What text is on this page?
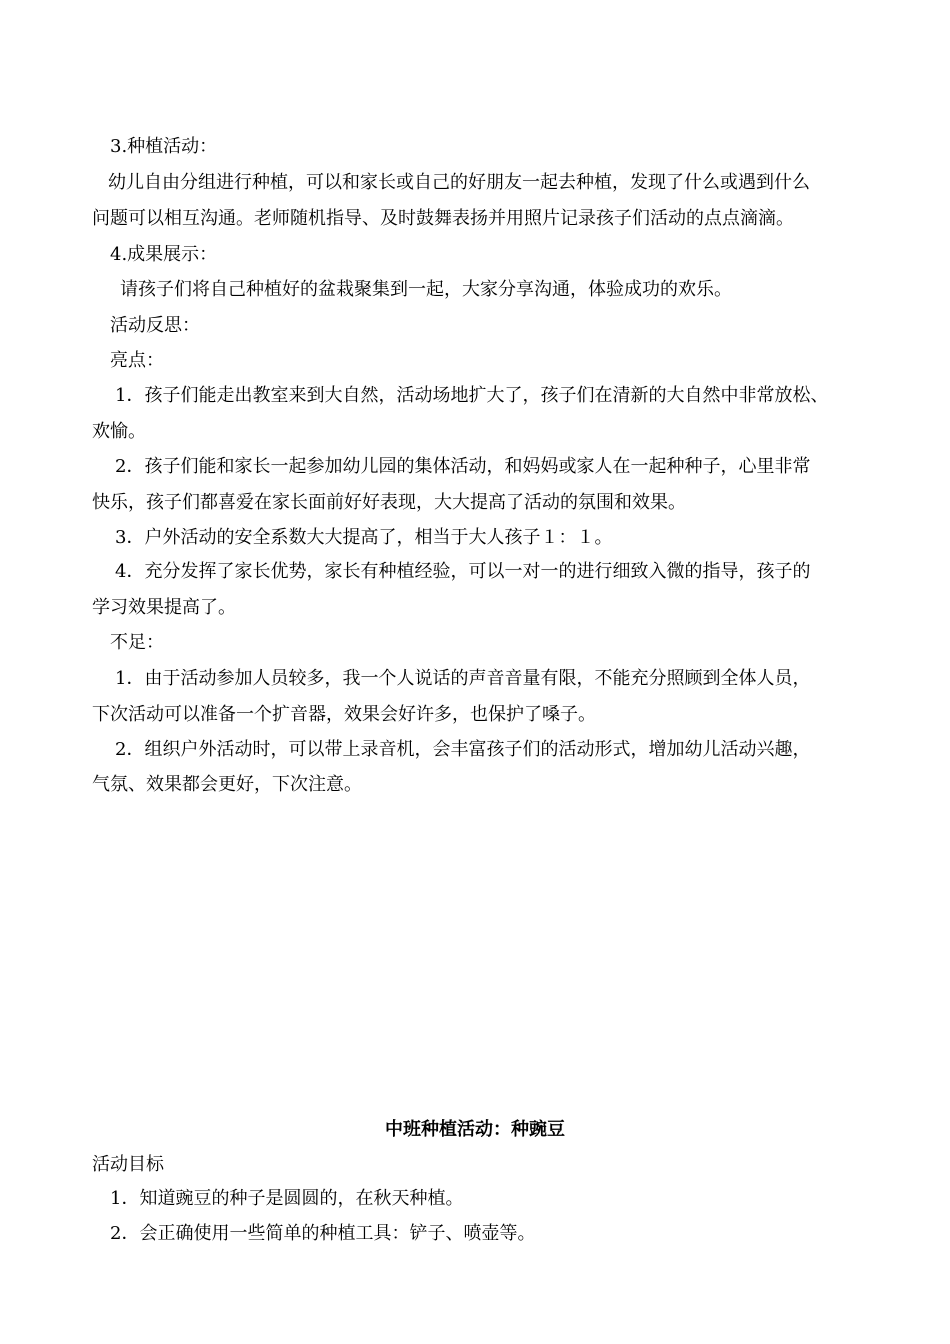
3.种植活动：

幼儿自由分组进行种植，可以和家长或自己的好朋友一起去种植，发现了什么或遇到什么

问题可以相互沟通。老师随机指导、及时鼓舞表扬并用照片记录孩子们活动的点点滴滴。

4.成果展示：

请孩子们将自己种植好的盆栽聚集到一起，大家分享沟通，体验成功的欢乐。

活动反思：

亮点：

1．孩子们能走出教室来到大自然，活动场地扩大了，孩子们在清新的大自然中非常放松、

欢愉。

2．孩子们能和家长一起参加幼儿园的集体活动，和妈妈或家人在一起种种子，心里非常

快乐，孩子们都喜爱在家长面前好好表现，大大提高了活动的氛围和效果。

3．户外活动的安全系数大大提高了，相当于大人孩子１：１。

4．充分发挥了家长优势，家长有种植经验，可以一对一的进行细致入微的指导，孩子的

学习效果提高了。

不足：

1．由于活动参加人员较多，我一个人说话的声音音量有限，不能充分照顾到全体人员，

下次活动可以准备一个扩音器，效果会好许多，也保护了嗓子。

2．组织户外活动时，可以带上录音机，会丰富孩子们的活动形式，增加幼儿活动兴趣，

气氛、效果都会更好，下次注意。

中班种植活动：种豌豆

活动目标

1．知道豌豆的种子是圆圆的，在秋天种植。

2．会正确使用一些简单的种植工具：铲子、喷壶等。
